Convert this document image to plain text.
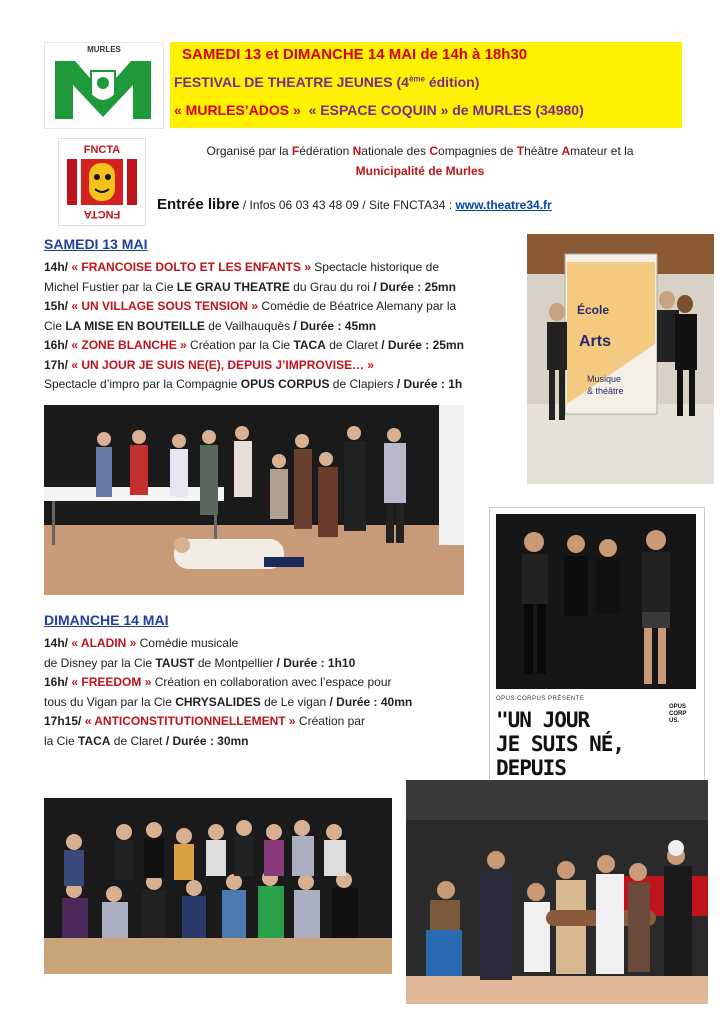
MURLES	SAMEDI 13 et DIMANCHE 14 MAI de 14h à 18h30
FESTIVAL DE THEATRE JEUNES (4ème édition)
« MURLES’ADOS » « ESPACE COQUIN » de MURLES (34980)
FNCTA
FNCTA
Organisé par la Fédération Nationale des Compagnies de Théâtre Amateur et la
Municipalité de Murles
Entrée libre / Infos 06 03 43 48 09 / Site FNCTA34 : www.theatre34.fr
SAMEDI 13 MAI
14h/ « FRANCOISE DOLTO ET LES ENFANTS » Spectacle historique de
Michel Fustier par la Cie LE GRAU THEATRE du Grau du roi / Durée : 25mn
15h/ « UN VILLAGE SOUS TENSION » Comédie de Béatrice Alemany par la
Cie LA MISE EN BOUTEILLE de Vailhauquès / Durée : 45mn
16h/ « ZONE BLANCHE » Création par la Cie TACA de Claret / Durée : 25mn
17h/ « UN JOUR JE SUIS NE(E), DEPUIS J’IMPROVISE… »
Spectacle d’impro par la Compagnie OPUS CORPUS de Clapiers / Durée : 1h
École
Arts
Musique
& théâtre
DIMANCHE 14 MAI
14h/ « ALADIN » Comédie musicale
de Disney par la Cie TAUST de Montpellier / Durée : 1h10
16h/ « FREEDOM » Création en collaboration avec l’espace pour
tous du Vigan par la Cie CHRYSALIDES de Le vigan / Durée : 40mn
17h15/ « ANTICONSTITUTIONNELLEMENT » Création par
la Cie TACA de Claret / Durée : 30mn
OPUS CORPUS PRÉSENTE
"UN JOUR
JE SUIS NÉ,
DEPUIS
OPUS
CORP
US.
